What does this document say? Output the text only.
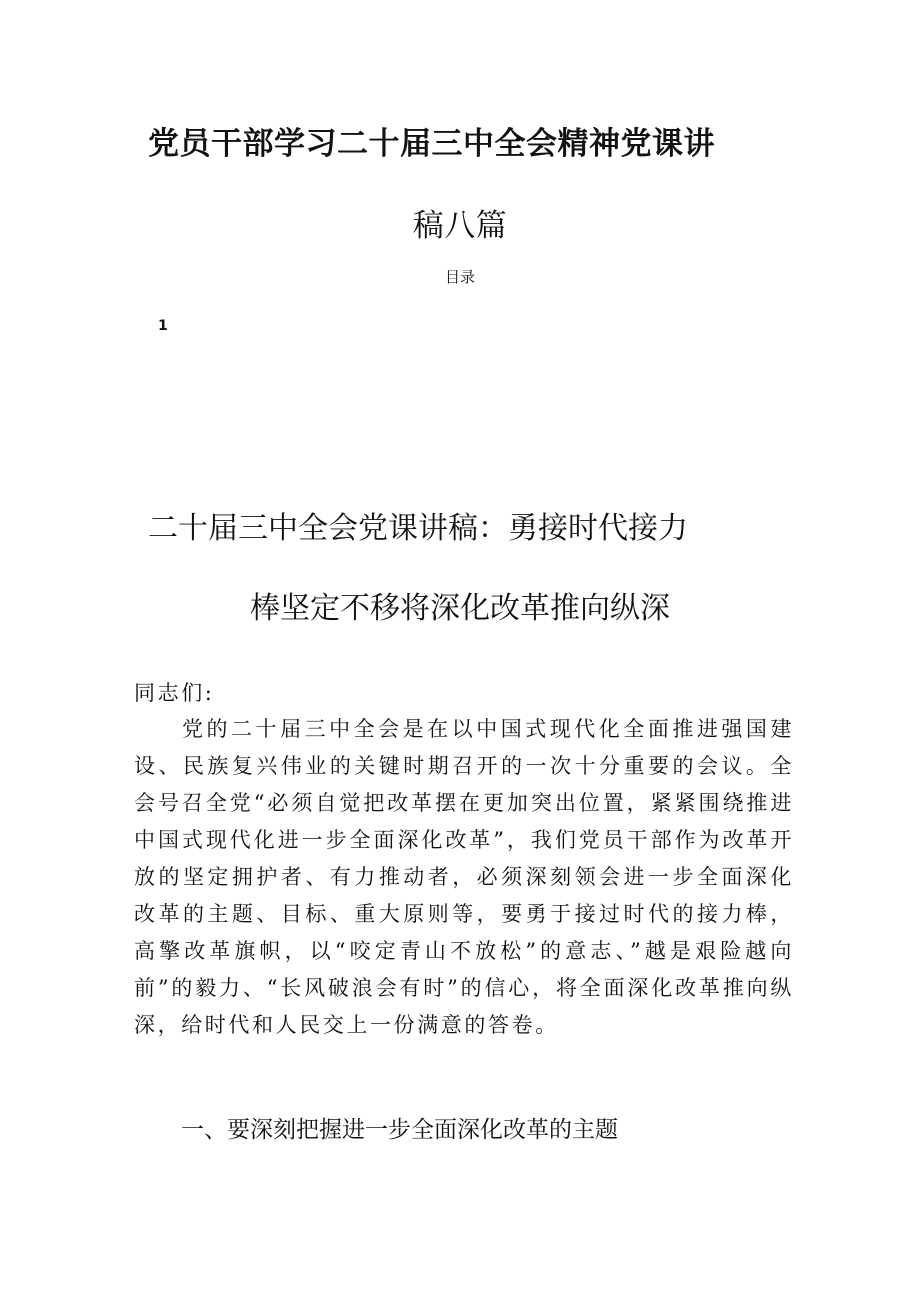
党员干部学习二十届三中全会精神党课讲
稿八篇
目录
1
二十届三中全会党课讲稿：勇接时代接力
棒坚定不移将深化改革推向纵深
同志们:
党的二十届三中全会是在以中国式现代化全面推进强国建设、民族复兴伟业的关键时期召开的一次十分重要的会议。全会号召全党“必须自觉把改革摆在更加突出位置，紧紧围绕推进中国式现代化进一步全面深化改革”，我们党员干部作为改革开放的坚定拥护者、有力推动者，必须深刻领会进一步全面深化改革的主题、目标、重大原则等，要勇于接过时代的接力棒，高擎改革旗帜，以“咬定青山不放松”的意志、”越是艰险越向前”的毅力、“长风破浪会有时”的信心，将全面深化改革推向纵深，给时代和人民交上一份满意的答卷。
一、要深刻把握进一步全面深化改革的主题
